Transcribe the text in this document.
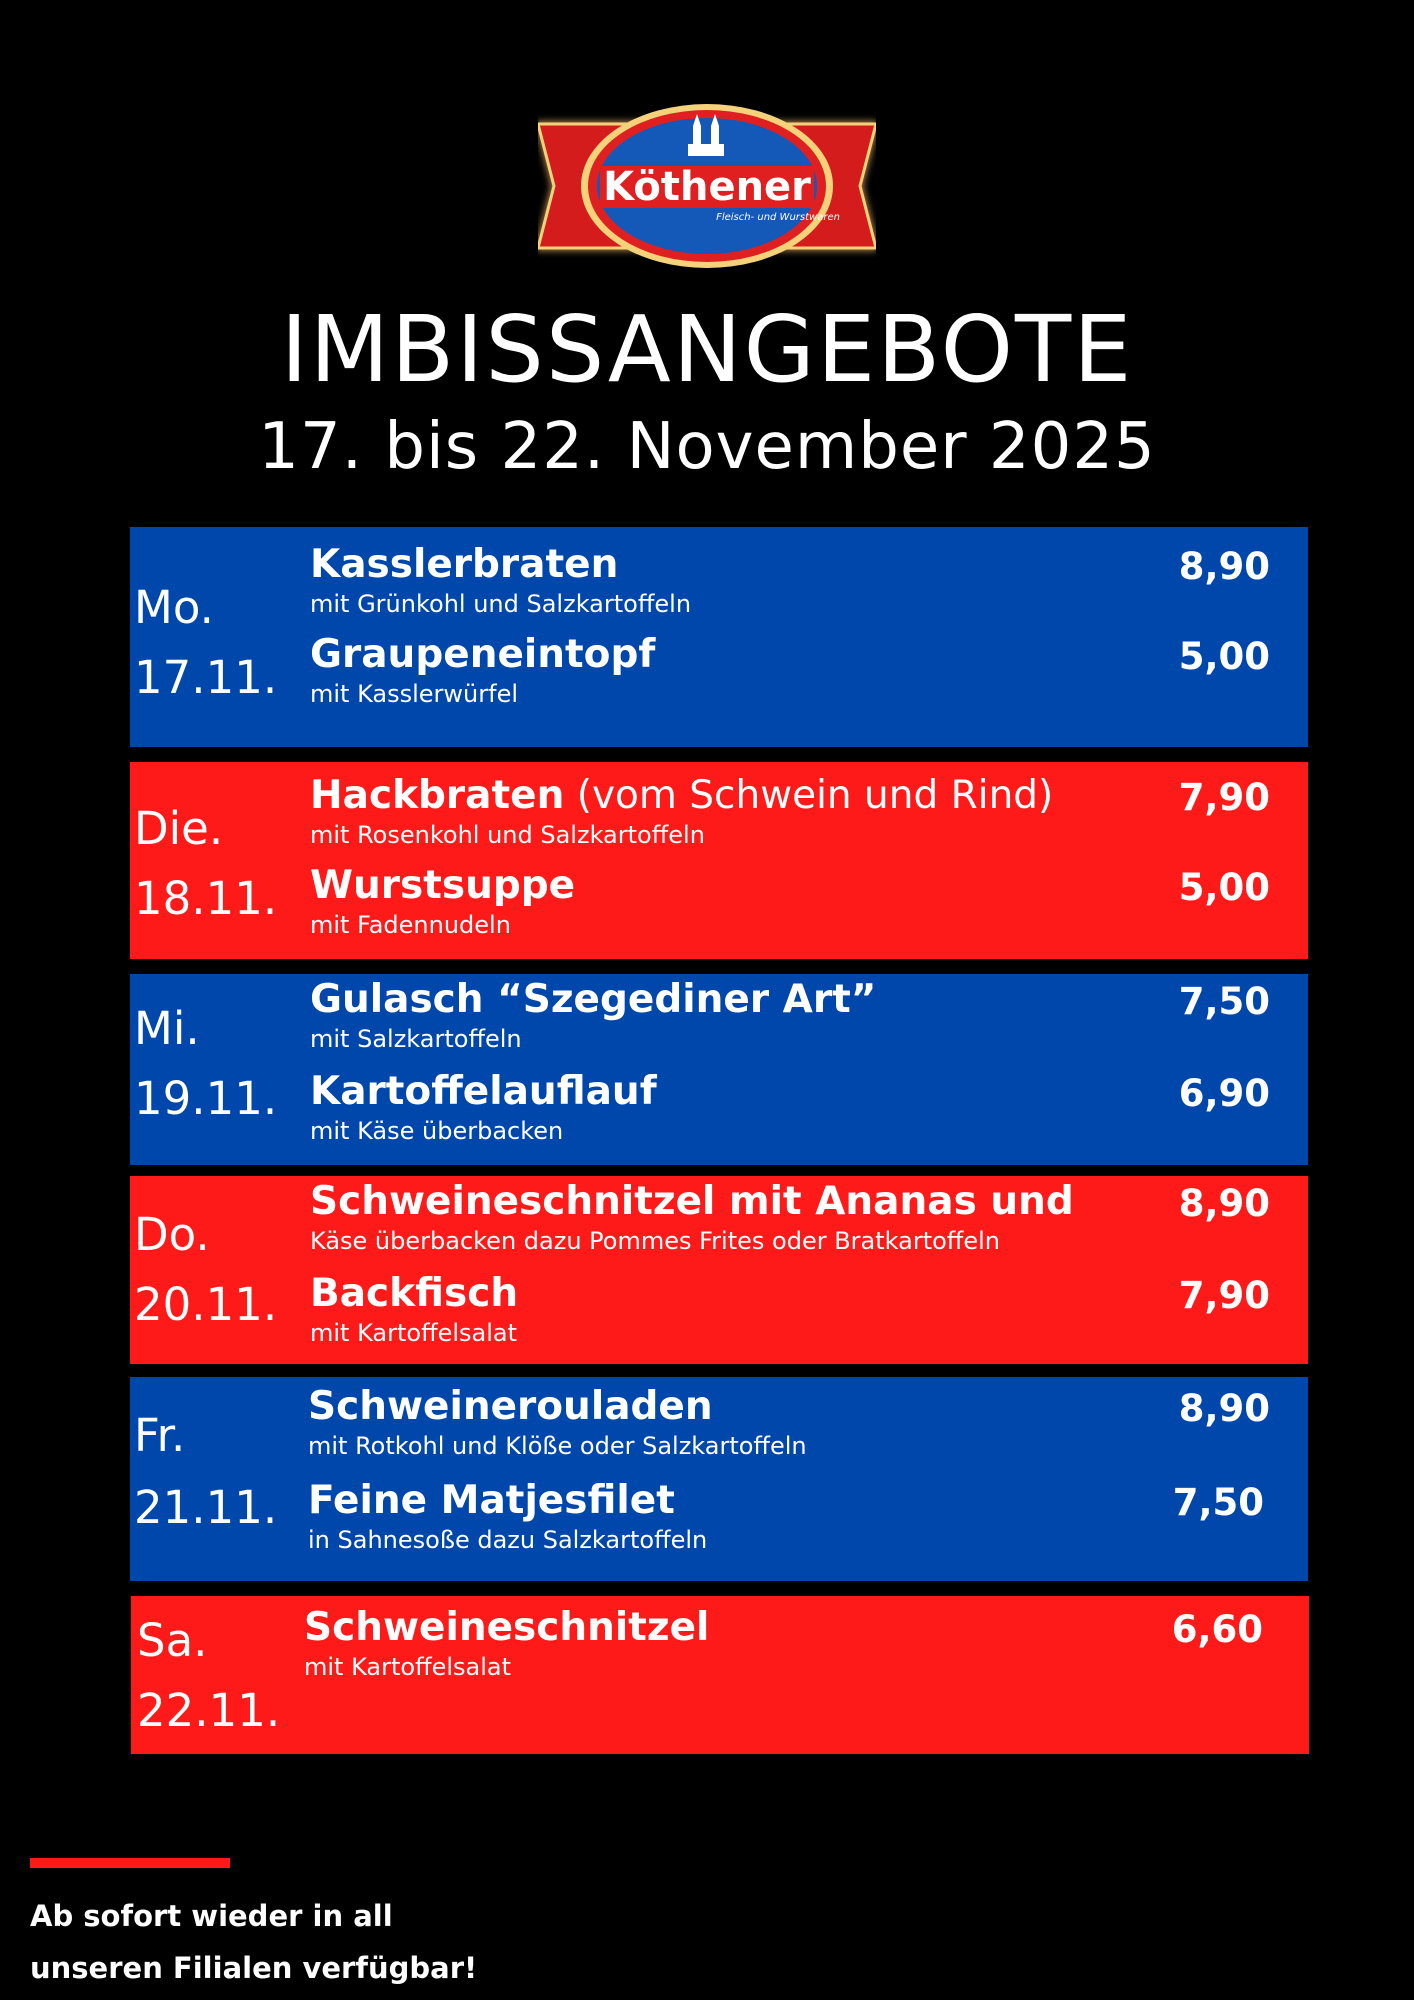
Köthener
Fleisch- und Wurstwaren
IMBISSANGEBOTE
17. bis 22. November 2025
Mo.
17.11.
Kasslerbraten
mit Grünkohl und Salzkartoffeln
8,90
Graupeneintopf
mit Kasslerwürfel
5,00
Die.
18.11.
Hackbraten (vom Schwein und Rind)
mit Rosenkohl und Salzkartoffeln
7,90
Wurstsuppe
mit Fadennudeln
5,00
Mi.
19.11.
Gulasch “Szegediner Art”
mit Salzkartoffeln
7,50
Kartoffelauflauf
mit Käse überbacken
6,90
Do.
20.11.
Schweineschnitzel mit Ananas und
Käse überbacken dazu Pommes Frites oder Bratkartoffeln
8,90
Backfisch
mit Kartoffelsalat
7,90
Fr.
21.11.
Schweinerouladen
mit Rotkohl und Klöße oder Salzkartoffeln
8,90
Feine Matjesfilet
in Sahnesoße dazu Salzkartoffeln
7,50
Sa.
22.11.
Schweineschnitzel
mit Kartoffelsalat
6,60
Ab sofort wieder in all
unseren Filialen verfügbar!
